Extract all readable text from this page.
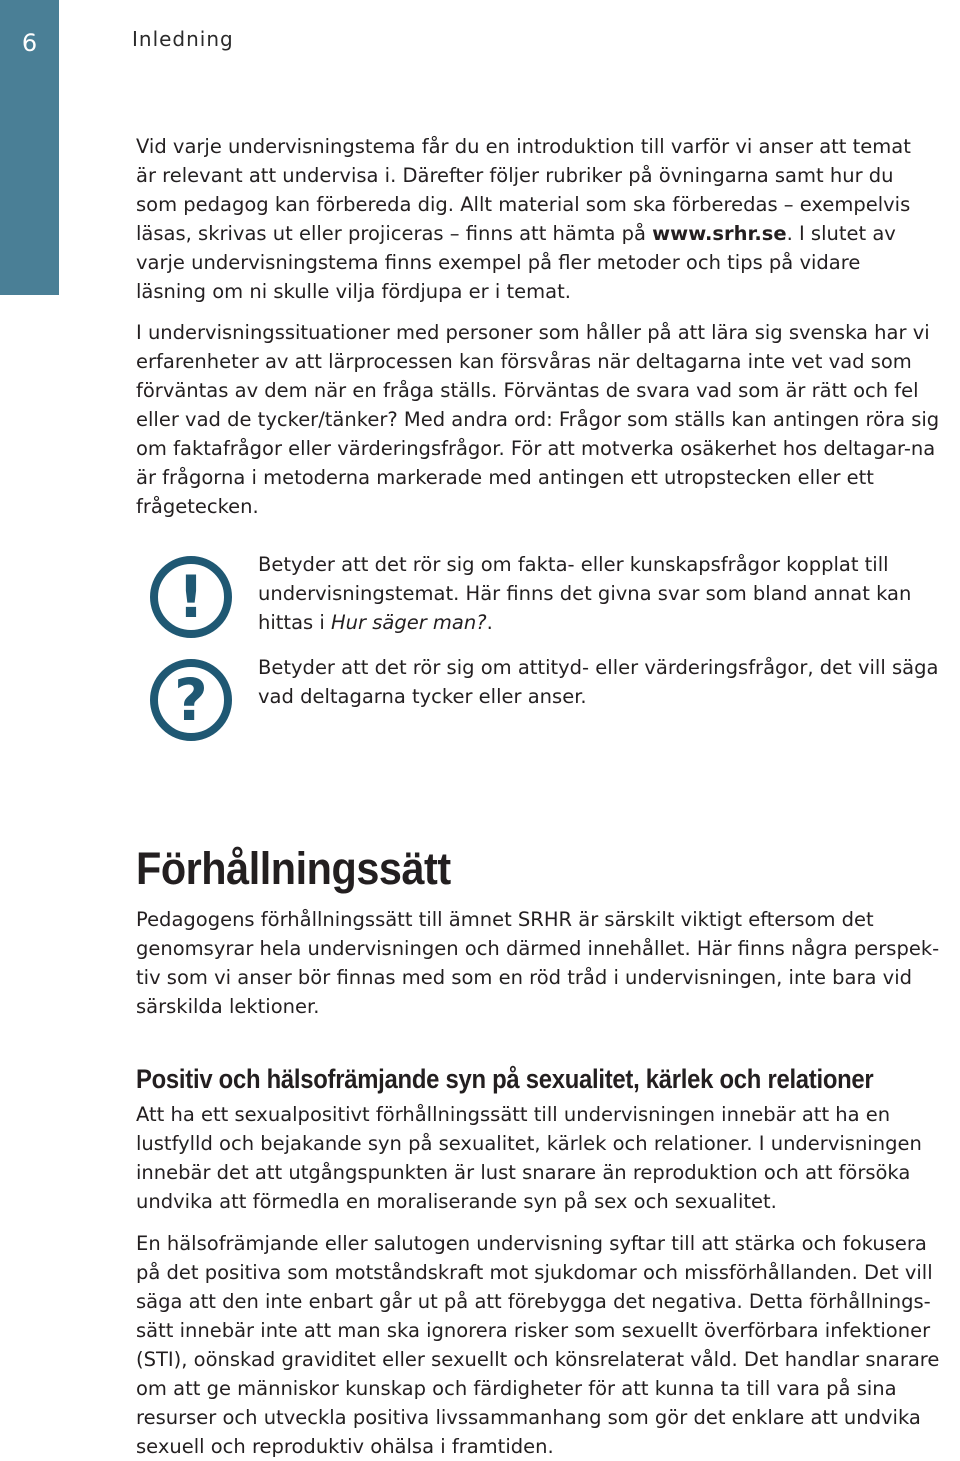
6	Inledning

Vid varje undervisningstema får du en introduktion till varför vi anser att temat är relevant att undervisa i. Därefter följer rubriker på övningarna samt hur du som pedagog kan förbereda dig. Allt material som ska förberedas – exempelvis läsas, skrivas ut eller projiceras – finns att hämta på www.srhr.se. I slutet av varje undervisningstema finns exempel på fler metoder och tips på vidare läsning om ni skulle vilja fördjupa er i temat.

I undervisningssituationer med personer som håller på att lära sig svenska har vi erfarenheter av att lärprocessen kan försvåras när deltagarna inte vet vad som förväntas av dem när en fråga ställs. Förväntas de svara vad som är rätt och fel eller vad de tycker/tänker? Med andra ord: Frågor som ställs kan antingen röra sig om faktafrågor eller värderingsfrågor. För att motverka osäkerhet hos deltagar-na är frågorna i metoderna markerade med antingen ett utropstecken eller ett frågetecken.

!	Betyder att det rör sig om fakta- eller kunskapsfrågor kopplat till undervisningstemat. Här finns det givna svar som bland annat kan hittas i Hur säger man?.

?	Betyder att det rör sig om attityd- eller värderingsfrågor, det vill säga vad deltagarna tycker eller anser.

Förhållningssätt

Pedagogens förhållningssätt till ämnet SRHR är särskilt viktigt eftersom det genomsyrar hela undervisningen och därmed innehållet. Här finns några perspek-tiv som vi anser bör finnas med som en röd tråd i undervisningen, inte bara vid särskilda lektioner.

Positiv och hälsofrämjande syn på sexualitet, kärlek och relationer

Att ha ett sexualpositivt förhållningssätt till undervisningen innebär att ha en lustfylld och bejakande syn på sexualitet, kärlek och relationer. I undervisningen innebär det att utgångspunkten är lust snarare än reproduktion och att försöka undvika att förmedla en moraliserande syn på sex och sexualitet.

En hälsofrämjande eller salutogen undervisning syftar till att stärka och fokusera på det positiva som motståndskraft mot sjukdomar och missförhållanden. Det vill säga att den inte enbart går ut på att förebygga det negativa. Detta förhållnings-sätt innebär inte att man ska ignorera risker som sexuellt överförbara infektioner (STI), oönskad graviditet eller sexuellt och könsrelaterat våld. Det handlar snarare om att ge människor kunskap och färdigheter för att kunna ta till vara på sina resurser och utveckla positiva livssammanhang som gör det enklare att undvika sexuell och reproduktiv ohälsa i framtiden.
